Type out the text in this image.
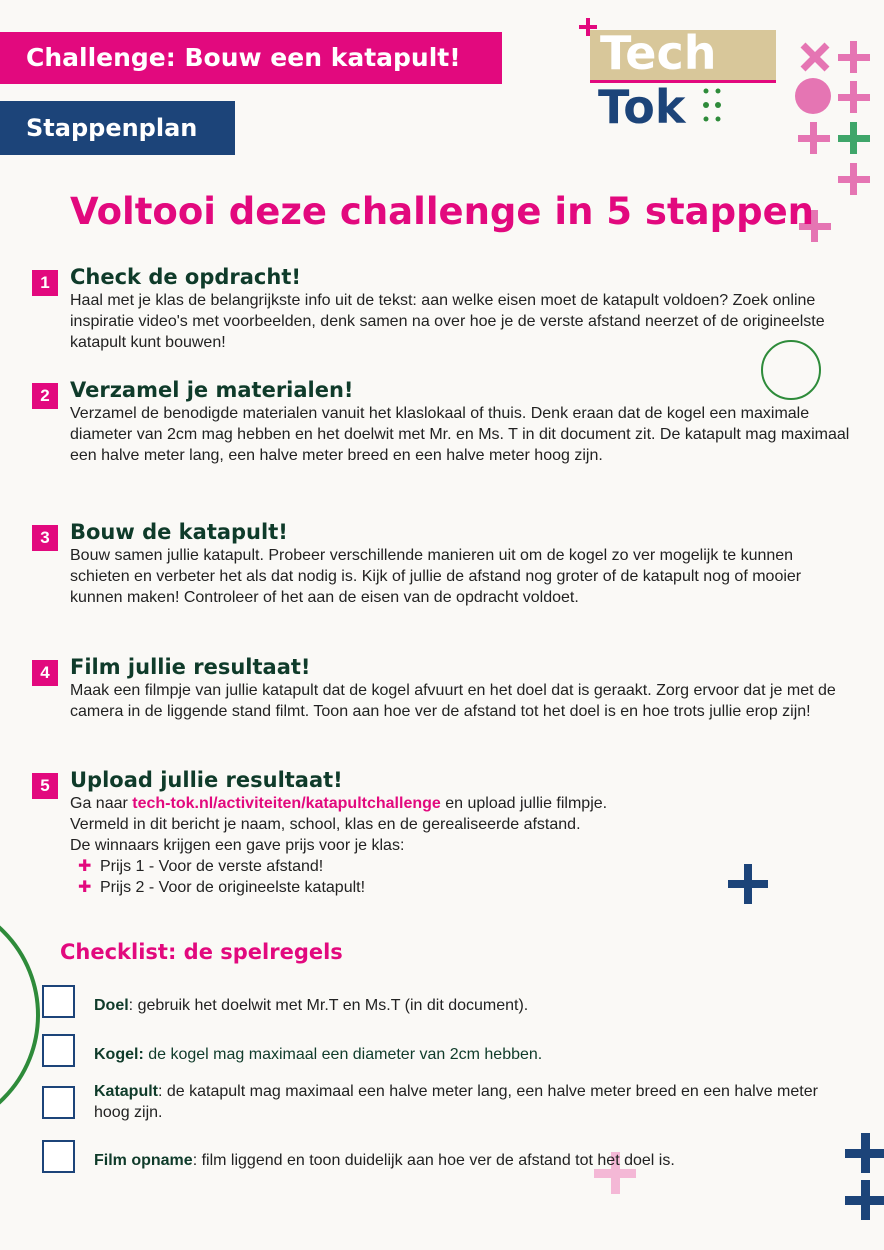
Challenge: Bouw een katapult!
Stappenplan
Tech
Tok
Voltooi deze challenge in 5 stappen
1 Check de opdracht!

Haal met je klas de belangrijkste info uit de tekst: aan welke eisen moet de katapult voldoen? Zoek online inspiratie video's met voorbeelden, denk samen na over hoe je de verste afstand neerzet of de origineelste katapult kunt bouwen!

2 Verzamel je materialen!

Verzamel de benodigde materialen vanuit het klaslokaal of thuis. Denk eraan dat de kogel een maximale diameter van 2cm mag hebben en het doelwit met Mr. en Ms. T in dit document zit. De katapult mag maximaal een halve meter lang, een halve meter breed en een halve meter hoog zijn.

3 Bouw de katapult!

Bouw samen jullie katapult. Probeer verschillende manieren uit om de kogel zo ver mogelijk te kunnen schieten en verbeter het als dat nodig is. Kijk of jullie de afstand nog groter of de katapult nog of mooier kunnen maken! Controleer of het aan de eisen van de opdracht voldoet.

4 Film jullie resultaat!

Maak een filmpje van jullie katapult dat de kogel afvuurt en het doel dat is geraakt. Zorg ervoor dat je met de camera in de liggende stand filmt. Toon aan hoe ver de afstand tot het doel is en hoe trots jullie erop zijn!

5 Upload jullie resultaat!

Ga naar tech-tok.nl/activiteiten/katapultchallenge en upload jullie filmpje.

Vermeld in dit bericht je naam, school, klas en de gerealiseerde afstand.

De winnaars krijgen een gave prijs voor je klas:

✚ Prijs 1 - Voor de verste afstand!
✚ Prijs 2 - Voor de origineelste katapult!
Checklist: de spelregels
Doel: gebruik het doelwit met Mr.T en Ms.T (in dit document).
Kogel: de kogel mag maximaal een diameter van 2cm hebben.
Katapult: de katapult mag maximaal een halve meter lang, een halve meter breed en een halve meter hoog zijn.
Film opname: film liggend en toon duidelijk aan hoe ver de afstand tot het doel is.
